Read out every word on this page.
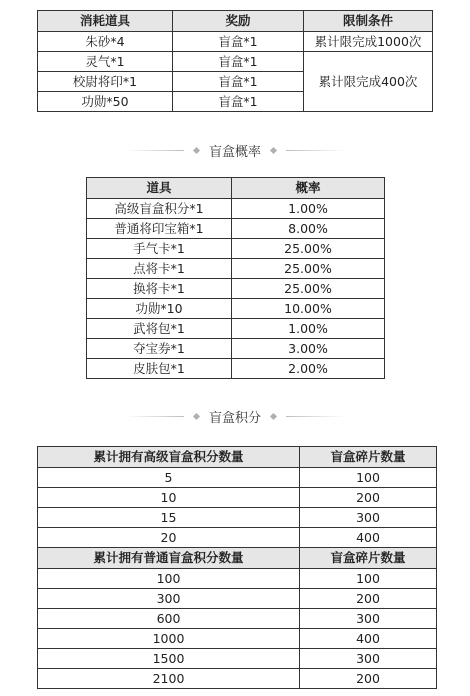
消耗道具	奖励	限制条件
朱砂*4	盲盒*1	累计限完成1000次
灵气*1	盲盒*1	累计限完成400次
校尉将印*1	盲盒*1	
功勋*50	盲盒*1	
盲盒概率
道具	概率
高级盲盒积分*1	1.00%
普通将印宝箱*1	8.00%
手气卡*1	25.00%
点将卡*1	25.00%
换将卡*1	25.00%
功勋*10	10.00%
武将包*1	1.00%
夺宝券*1	3.00%
皮肤包*1	2.00%
盲盒积分
累计拥有高级盲盒积分数量	盲盒碎片数量
5	100
10	200
15	300
20	400
累计拥有普通盲盒积分数量	盲盒碎片数量
100	100
300	200
600	300
1000	400
1500	300
2100	200
